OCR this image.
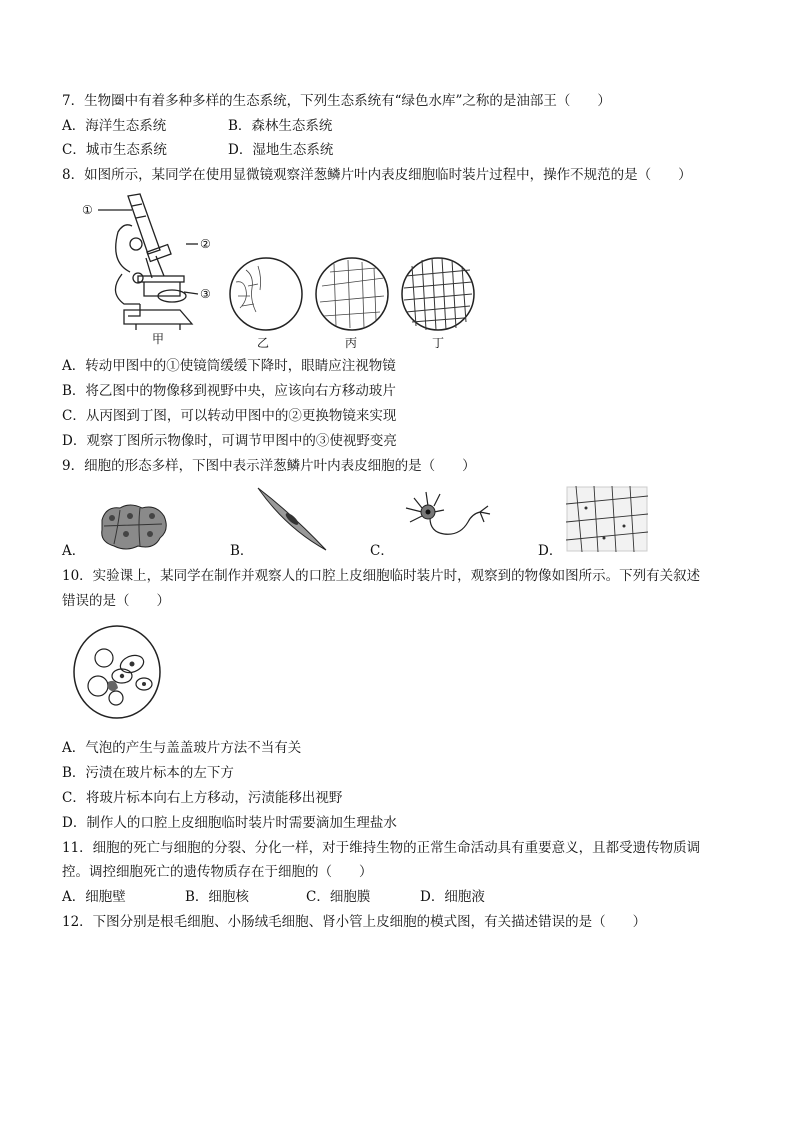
7．生物圈中有着多种多样的生态系统，下列生态系统有“绿色水库”之称的是油部王（　　）
A．海洋生态系统	B．森林生态系统
C．城市生态系统	D．湿地生态系统
8．如图所示，某同学在使用显微镜观察洋葱鳞片叶内表皮细胞临时装片过程中，操作不规范的是（　　）
①
②
③
甲	乙	丙	丁
A．转动甲图中的①使镜筒缓缓下降时，眼睛应注视物镜
B．将乙图中的物像移到视野中央，应该向右方移动玻片
C．从丙图到丁图，可以转动甲图中的②更换物镜来实现
D．观察丁图所示物像时，可调节甲图中的③使视野变亮
9．细胞的形态多样，下图中表示洋葱鳞片叶内表皮细胞的是（　　）
A．	B．	C．	D．
10．实验课上，某同学在制作并观察人的口腔上皮细胞临时装片时，观察到的物像如图所示。下列有关叙述
错误的是（　　）
A．气泡的产生与盖盖玻片方法不当有关
B．污渍在玻片标本的左下方
C．将玻片标本向右上方移动，污渍能移出视野
D．制作人的口腔上皮细胞临时装片时需要滴加生理盐水
11．细胞的死亡与细胞的分裂、分化一样，对于维持生物的正常生命活动具有重要意义，且都受遗传物质调
控。调控细胞死亡的遗传物质存在于细胞的（　　）
A．细胞壁	B．细胞核	C．细胞膜	D．细胞液
12．下图分别是根毛细胞、小肠绒毛细胞、肾小管上皮细胞的模式图，有关描述错误的是（　　）
